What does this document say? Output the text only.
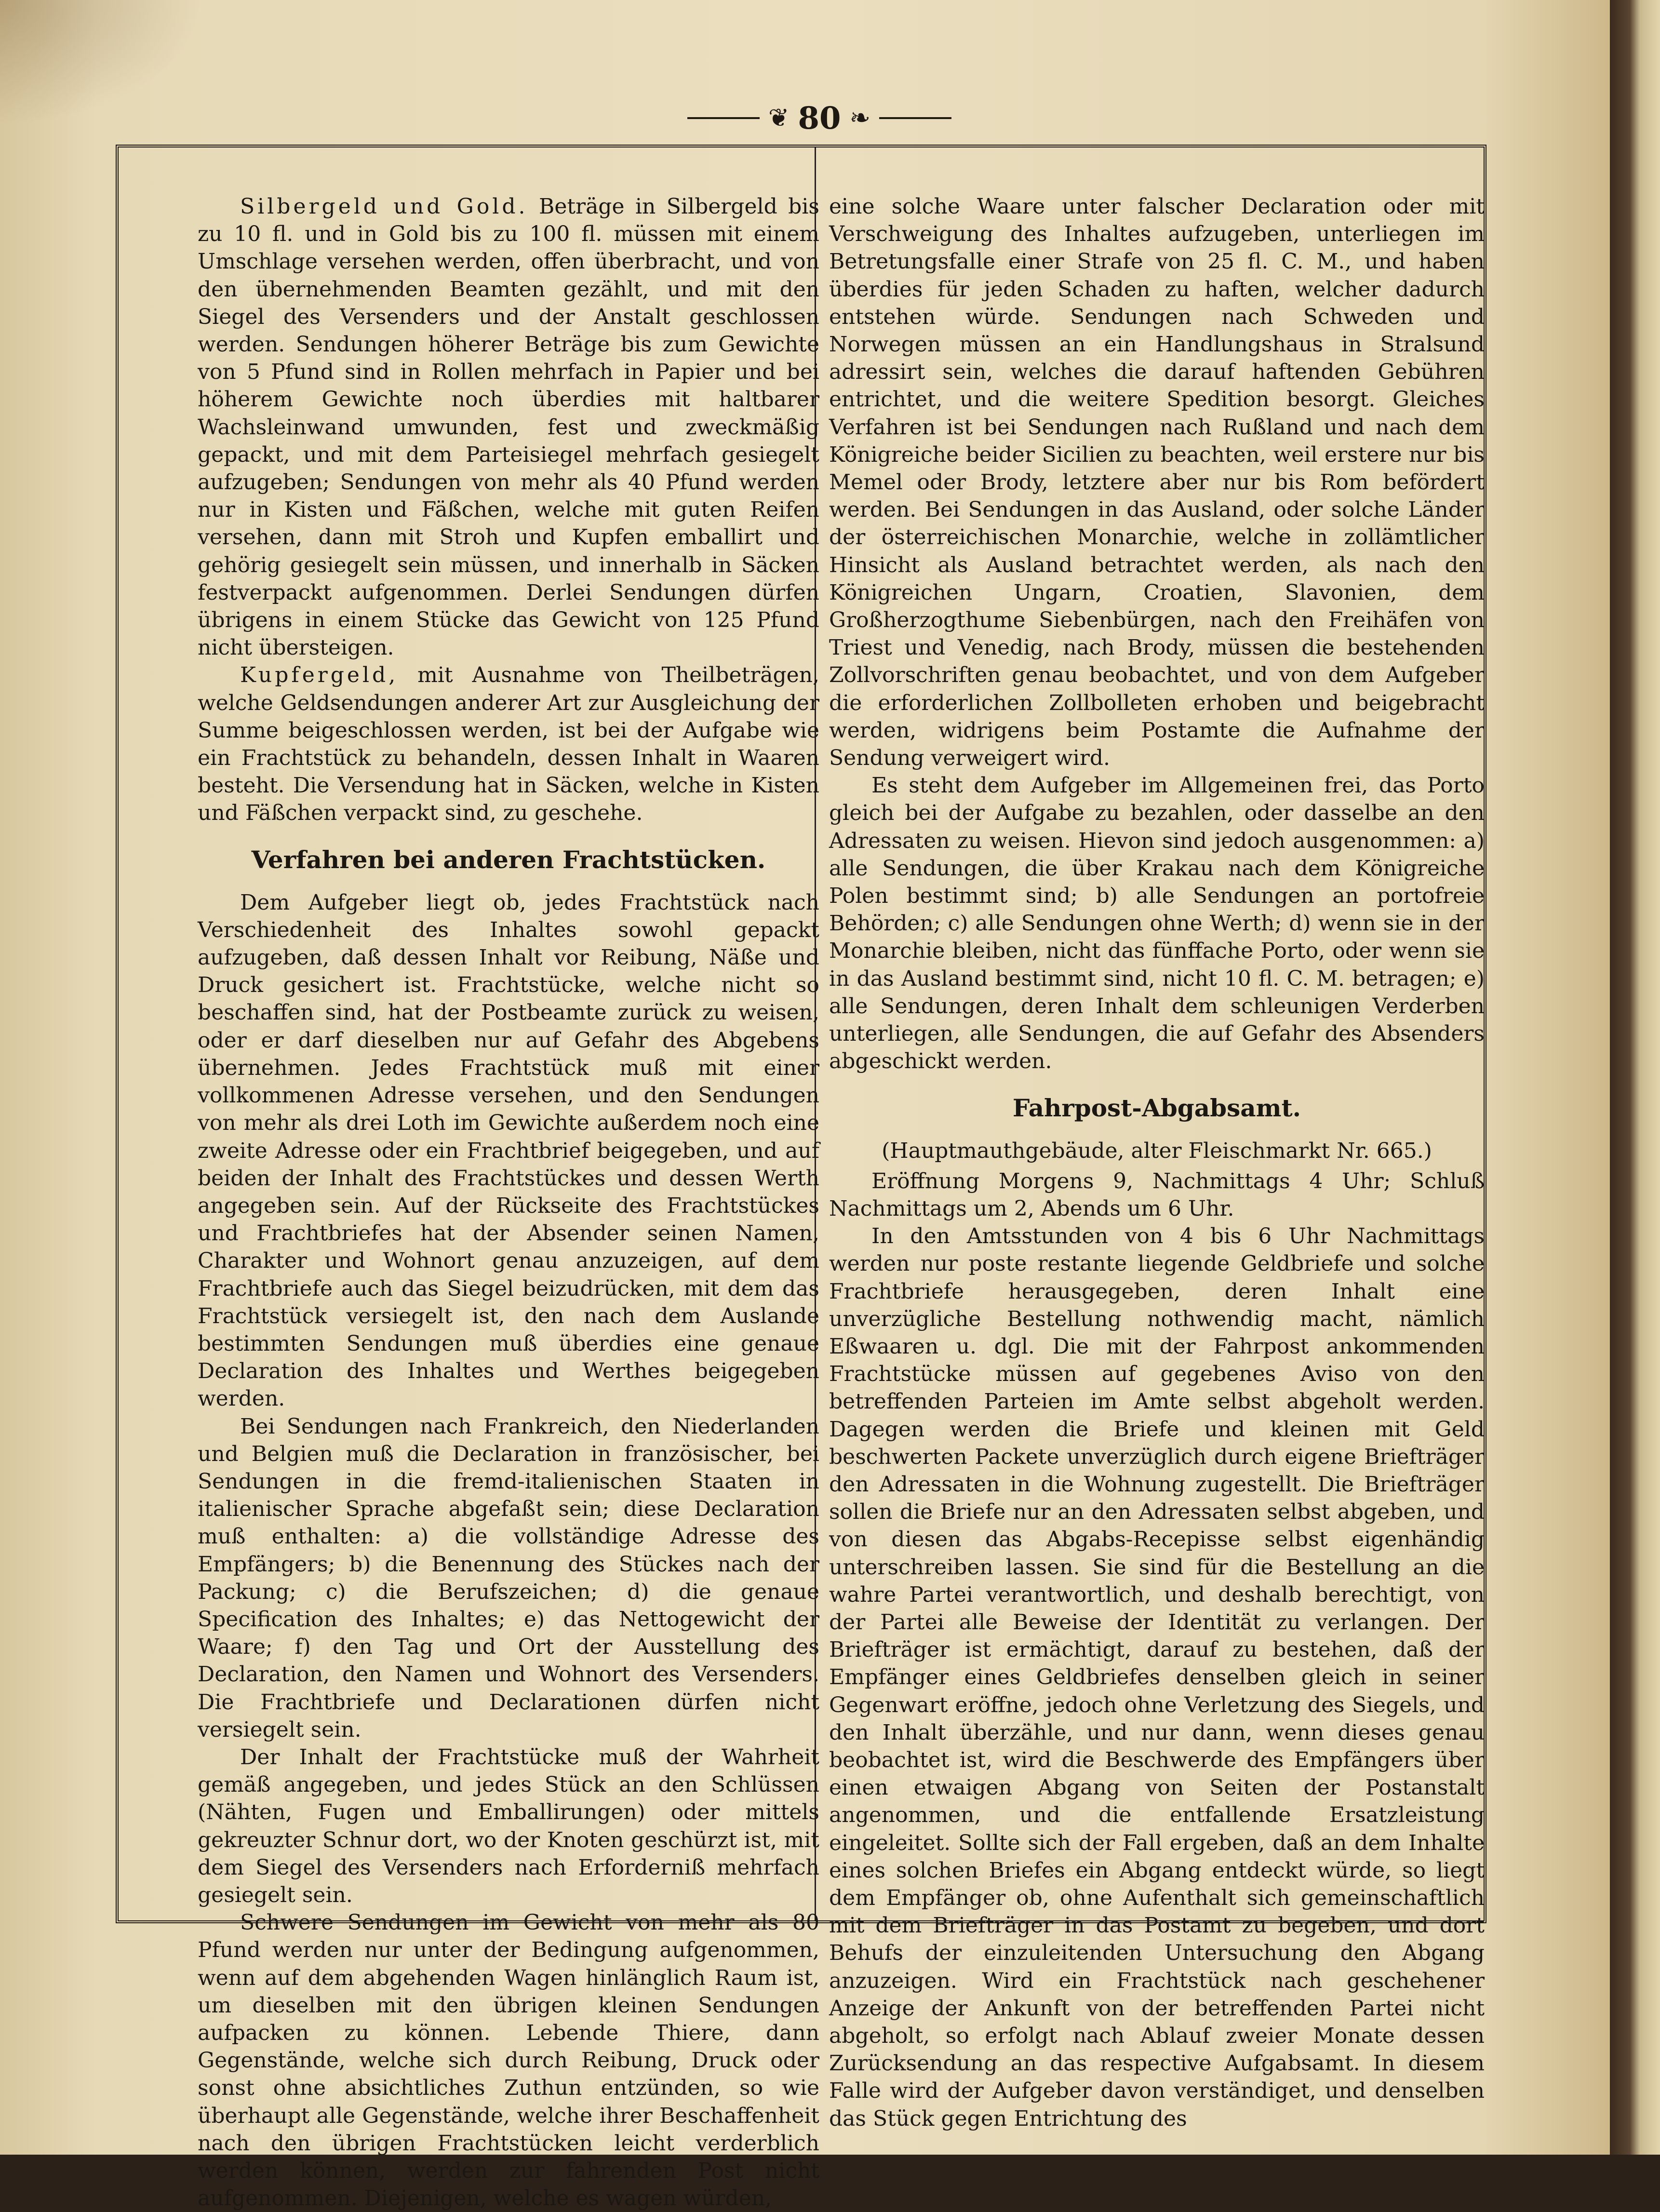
❦ 80 ❧

Silbergeld und Gold. Beträge in Silbergeld bis zu 10 fl. und in Gold bis zu 100 fl. müssen mit einem Umschlage versehen werden, offen überbracht, und von den übernehmenden Beamten gezählt, und mit den Siegel des Versenders und der Anstalt geschlossen werden. Sendungen höherer Beträge bis zum Gewichte von 5 Pfund sind in Rollen mehrfach in Papier und bei höherem Gewichte noch überdies mit haltbarer Wachsleinwand umwunden, fest und zweckmäßig gepackt, und mit dem Parteisiegel mehrfach gesiegelt aufzugeben; Sendungen von mehr als 40 Pfund werden nur in Kisten und Fäßchen, welche mit guten Reifen versehen, dann mit Stroh und Kupfen emballirt und gehörig gesiegelt sein müssen, und innerhalb in Säcken festverpackt aufgenommen. Derlei Sendungen dürfen übrigens in einem Stücke das Gewicht von 125 Pfund nicht übersteigen.

Kupfergeld, mit Ausnahme von Theilbeträgen, welche Geldsendungen anderer Art zur Ausgleichung der Summe beigeschlossen werden, ist bei der Aufgabe wie ein Frachtstück zu behandeln, dessen Inhalt in Waaren besteht. Die Versendung hat in Säcken, welche in Kisten und Fäßchen verpackt sind, zu geschehe.

Verfahren bei anderen Frachtstücken.

Dem Aufgeber liegt ob, jedes Frachtstück nach Verschiedenheit des Inhaltes sowohl gepackt aufzugeben, daß dessen Inhalt vor Reibung, Näße und Druck gesichert ist. Frachtstücke, welche nicht so beschaffen sind, hat der Postbeamte zurück zu weisen, oder er darf dieselben nur auf Gefahr des Abgebens übernehmen. Jedes Frachtstück muß mit einer vollkommenen Adresse versehen, und den Sendungen von mehr als drei Loth im Gewichte außerdem noch eine zweite Adresse oder ein Frachtbrief beigegeben, und auf beiden der Inhalt des Frachtstückes und dessen Werth angegeben sein. Auf der Rückseite des Frachtstückes und Frachtbriefes hat der Absender seinen Namen, Charakter und Wohnort genau anzuzeigen, auf dem Frachtbriefe auch das Siegel beizudrücken, mit dem das Frachtstück versiegelt ist, den nach dem Auslande bestimmten Sendungen muß überdies eine genaue Declaration des Inhaltes und Werthes beigegeben werden.

Bei Sendungen nach Frankreich, den Niederlanden und Belgien muß die Declaration in französischer, bei Sendungen in die fremd-italienischen Staaten in italienischer Sprache abgefaßt sein; diese Declaration muß enthalten: a) die vollständige Adresse des Empfängers; b) die Benennung des Stückes nach der Packung; c) die Berufszeichen; d) die genaue Specification des Inhaltes; e) das Nettogewicht der Waare; f) den Tag und Ort der Ausstellung des Declaration, den Namen und Wohnort des Versenders. Die Frachtbriefe und Declarationen dürfen nicht versiegelt sein.

Der Inhalt der Frachtstücke muß der Wahrheit gemäß angegeben, und jedes Stück an den Schlüssen (Nähten, Fugen und Emballirungen) oder mittels gekreuzter Schnur dort, wo der Knoten geschürzt ist, mit dem Siegel des Versenders nach Erforderniß mehrfach gesiegelt sein.

Schwere Sendungen im Gewicht von mehr als 80 Pfund werden nur unter der Bedingung aufgenommen, wenn auf dem abgehenden Wagen hinlänglich Raum ist, um dieselben mit den übrigen kleinen Sendungen aufpacken zu können. Lebende Thiere, dann Gegenstände, welche sich durch Reibung, Druck oder sonst ohne absichtliches Zuthun entzünden, so wie überhaupt alle Gegenstände, welche ihrer Beschaffenheit nach den übrigen Frachtstücken leicht verderblich werden können, werden zur fahrenden Post nicht aufgenommen. Diejenigen, welche es wagen würden,

eine solche Waare unter falscher Declaration oder mit Verschweigung des Inhaltes aufzugeben, unterliegen im Betretungsfalle einer Strafe von 25 fl. C. M., und haben überdies für jeden Schaden zu haften, welcher dadurch entstehen würde. Sendungen nach Schweden und Norwegen müssen an ein Handlungshaus in Stralsund adressirt sein, welches die darauf haftenden Gebühren entrichtet, und die weitere Spedition besorgt. Gleiches Verfahren ist bei Sendungen nach Rußland und nach dem Königreiche beider Sicilien zu beachten, weil erstere nur bis Memel oder Brody, letztere aber nur bis Rom befördert werden. Bei Sendungen in das Ausland, oder solche Länder der österreichischen Monarchie, welche in zollämtlicher Hinsicht als Ausland betrachtet werden, als nach den Königreichen Ungarn, Croatien, Slavonien, dem Großherzogthume Siebenbürgen, nach den Freihäfen von Triest und Venedig, nach Brody, müssen die bestehenden Zollvorschriften genau beobachtet, und von dem Aufgeber die erforderlichen Zollbolleten erhoben und beigebracht werden, widrigens beim Postamte die Aufnahme der Sendung verweigert wird.

Es steht dem Aufgeber im Allgemeinen frei, das Porto gleich bei der Aufgabe zu bezahlen, oder dasselbe an den Adressaten zu weisen. Hievon sind jedoch ausgenommen: a) alle Sendungen, die über Krakau nach dem Königreiche Polen bestimmt sind; b) alle Sendungen an portofreie Behörden; c) alle Sendungen ohne Werth; d) wenn sie in der Monarchie bleiben, nicht das fünffache Porto, oder wenn sie in das Ausland bestimmt sind, nicht 10 fl. C. M. betragen; e) alle Sendungen, deren Inhalt dem schleunigen Verderben unterliegen, alle Sendungen, die auf Gefahr des Absenders abgeschickt werden.

Fahrpost-Abgabsamt.

(Hauptmauthgebäude, alter Fleischmarkt Nr. 665.)

Eröffnung Morgens 9, Nachmittags 4 Uhr; Schluß Nachmittags um 2, Abends um 6 Uhr.

In den Amtsstunden von 4 bis 6 Uhr Nachmittags werden nur poste restante liegende Geldbriefe und solche Frachtbriefe herausgegeben, deren Inhalt eine unverzügliche Bestellung nothwendig macht, nämlich Eßwaaren u. dgl. Die mit der Fahrpost ankommenden Frachtstücke müssen auf gegebenes Aviso von den betreffenden Parteien im Amte selbst abgeholt werden. Dagegen werden die Briefe und kleinen mit Geld beschwerten Packete unverzüglich durch eigene Briefträger den Adressaten in die Wohnung zugestellt. Die Briefträger sollen die Briefe nur an den Adressaten selbst abgeben, und von diesen das Abgabs-Recepisse selbst eigenhändig unterschreiben lassen. Sie sind für die Bestellung an die wahre Partei verantwortlich, und deshalb berechtigt, von der Partei alle Beweise der Identität zu verlangen. Der Briefträger ist ermächtigt, darauf zu bestehen, daß der Empfänger eines Geldbriefes denselben gleich in seiner Gegenwart eröffne, jedoch ohne Verletzung des Siegels, und den Inhalt überzähle, und nur dann, wenn dieses genau beobachtet ist, wird die Beschwerde des Empfängers über einen etwaigen Abgang von Seiten der Postanstalt angenommen, und die entfallende Ersatzleistung eingeleitet. Sollte sich der Fall ergeben, daß an dem Inhalte eines solchen Briefes ein Abgang entdeckt würde, so liegt dem Empfänger ob, ohne Aufenthalt sich gemeinschaftlich mit dem Briefträger in das Postamt zu begeben, und dort Behufs der einzuleitenden Untersuchung den Abgang anzuzeigen. Wird ein Frachtstück nach geschehener Anzeige der Ankunft von der betreffenden Partei nicht abgeholt, so erfolgt nach Ablauf zweier Monate dessen Zurücksendung an das respective Aufgabsamt. In diesem Falle wird der Aufgeber davon verständiget, und denselben das Stück gegen Entrichtung des
